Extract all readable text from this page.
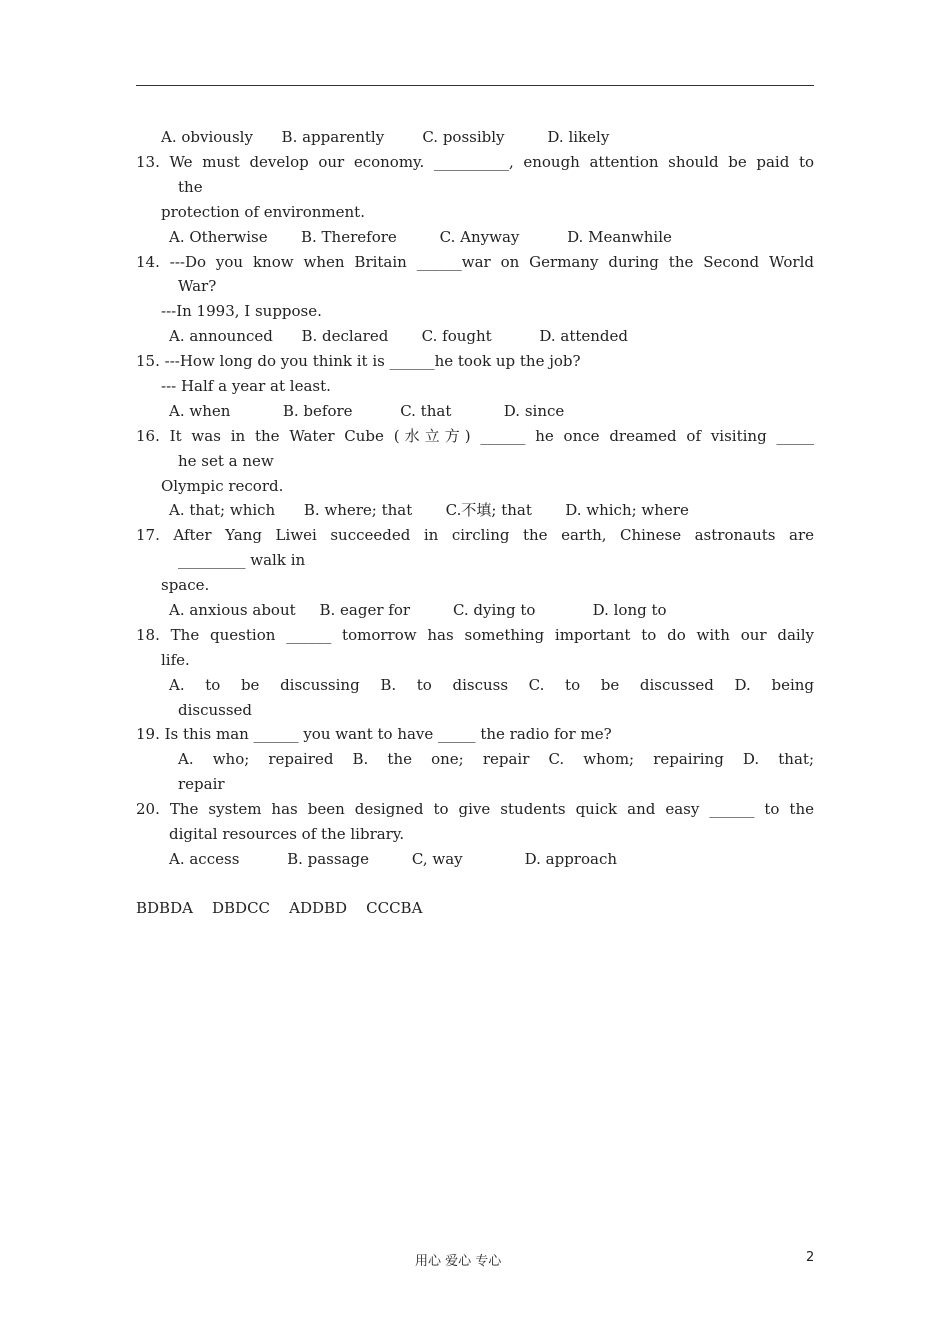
A. obviously      B. apparently        C. possibly         D. likely
13. We must develop our economy. __________, enough attention should be paid to
the
protection of environment.
A. Otherwise       B. Therefore         C. Anyway          D. Meanwhile
14. ---Do you know when Britain ______war on Germany during the Second World
War?
---In 1993, I suppose.
A. announced      B. declared       C. fought          D. attended
15. ---How long do you think it is ______he took up the job?
--- Half a year at least.
A. when           B. before          C. that           D. since
16. It was in the Water Cube (水立方) ______ he once dreamed of visiting _____
he set a new
Olympic record.
A. that; which      B. where; that       C.不填; that       D. which; where
17. After Yang Liwei succeeded in circling the earth, Chinese astronauts are
_________ walk in
space.
A. anxious about     B. eager for         C. dying to            D. long to
18. The question ______ tomorrow has something important to do with our daily
life.
A. to be discussing B. to discuss C. to be discussed D. being
discussed
19. Is this man ______ you want to have _____ the radio for me?
A. who; repaired B. the one; repair C. whom; repairing D. that;
repair
20. The system has been designed to give students quick and easy ______ to the
digital resources of the library.
A. access          B. passage         C, way             D. approach
BDBDA    DBDCC    ADDBD    CCCBA
用心 爱心 专心	2
